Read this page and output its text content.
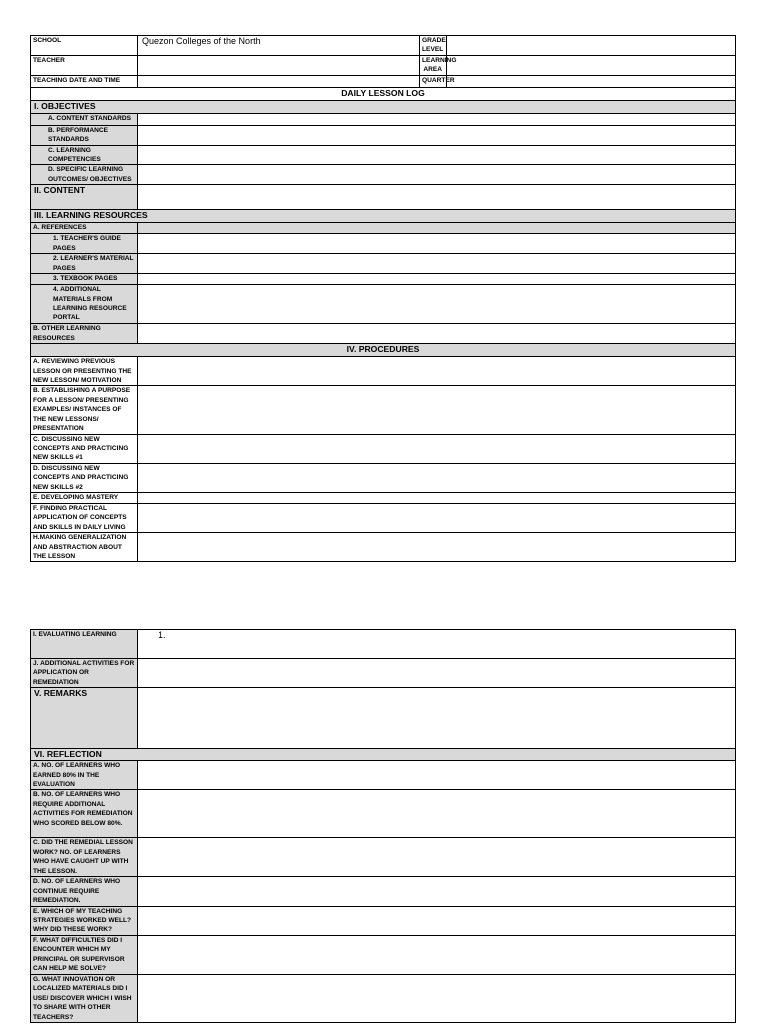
SCHOOL	Quezon Colleges of the North	GRADE LEVEL	
TEACHER		LEARNING AREA	
TEACHING DATE AND TIME		QUARTER	
DAILY LESSON LOG			
I. OBJECTIVES			
A. CONTENT STANDARDS			
B. PERFORMANCE STANDARDS			
C. LEARNING COMPETENCIES			
D. SPECIFIC LEARNING OUTCOMES/ OBJECTIVES			
II. CONTENT			
III. LEARNING RESOURCES			
A. REFERENCES			
1. TEACHER'S GUIDE PAGES			
2. LEARNER'S MATERIAL PAGES			
3. TEXBOOK PAGES			
4. ADDITIONAL MATERIALS FROM LEARNING RESOURCE PORTAL			
B. OTHER LEARNING RESOURCES			
IV. PROCEDURES			
A. REVIEWING PREVIOUS LESSON OR PRESENTING THE NEW LESSON/ MOTIVATION			
B. ESTABLISHING A PURPOSE FOR A LESSON/ PRESENTING EXAMPLES/ INSTANCES OF THE NEW LESSONS/ PRESENTATION			
C. DISCUSSING NEW CONCEPTS AND PRACTICING NEW SKILLS #1			
D. DISCUSSING NEW CONCEPTS AND PRACTICING NEW SKILLS #2			
E. DEVELOPING MASTERY			
F. FINDING PRACTICAL APPLICATION OF CONCEPTS AND SKILLS IN DAILY LIVING			
H.MAKING GENERALIZATION AND ABSTRACTION ABOUT THE LESSON			
I. EVALUATING LEARNING	1.
J. ADDITIONAL ACTIVITIES FOR APPLICATION OR REMEDIATION	
V. REMARKS	
VI. REFLECTION	
A. NO. OF LEARNERS WHO EARNED 80% IN THE EVALUATION	
B. NO. OF LEARNERS WHO REQUIRE ADDITIONAL ACTIVITIES FOR REMEDIATION WHO SCORED BELOW 80%.	
C. DID THE REMEDIAL LESSON WORK? NO. OF LEARNERS WHO HAVE CAUGHT UP WITH THE LESSON.	
D. NO. OF LEARNERS WHO CONTINUE REQUIRE REMEDIATION.	
E. WHICH OF MY TEACHING STRATEGIES WORKED WELL? WHY DID THESE WORK?	
F. WHAT DIFFICULTIES DID I ENCOUNTER WHICH MY PRINCIPAL OR SUPERVISOR CAN HELP ME SOLVE?	
G. WHAT INNOVATION OR LOCALIZED MATERIALS DID I USE/ DISCOVER WHICH I WISH TO SHARE WITH OTHER TEACHERS?	
